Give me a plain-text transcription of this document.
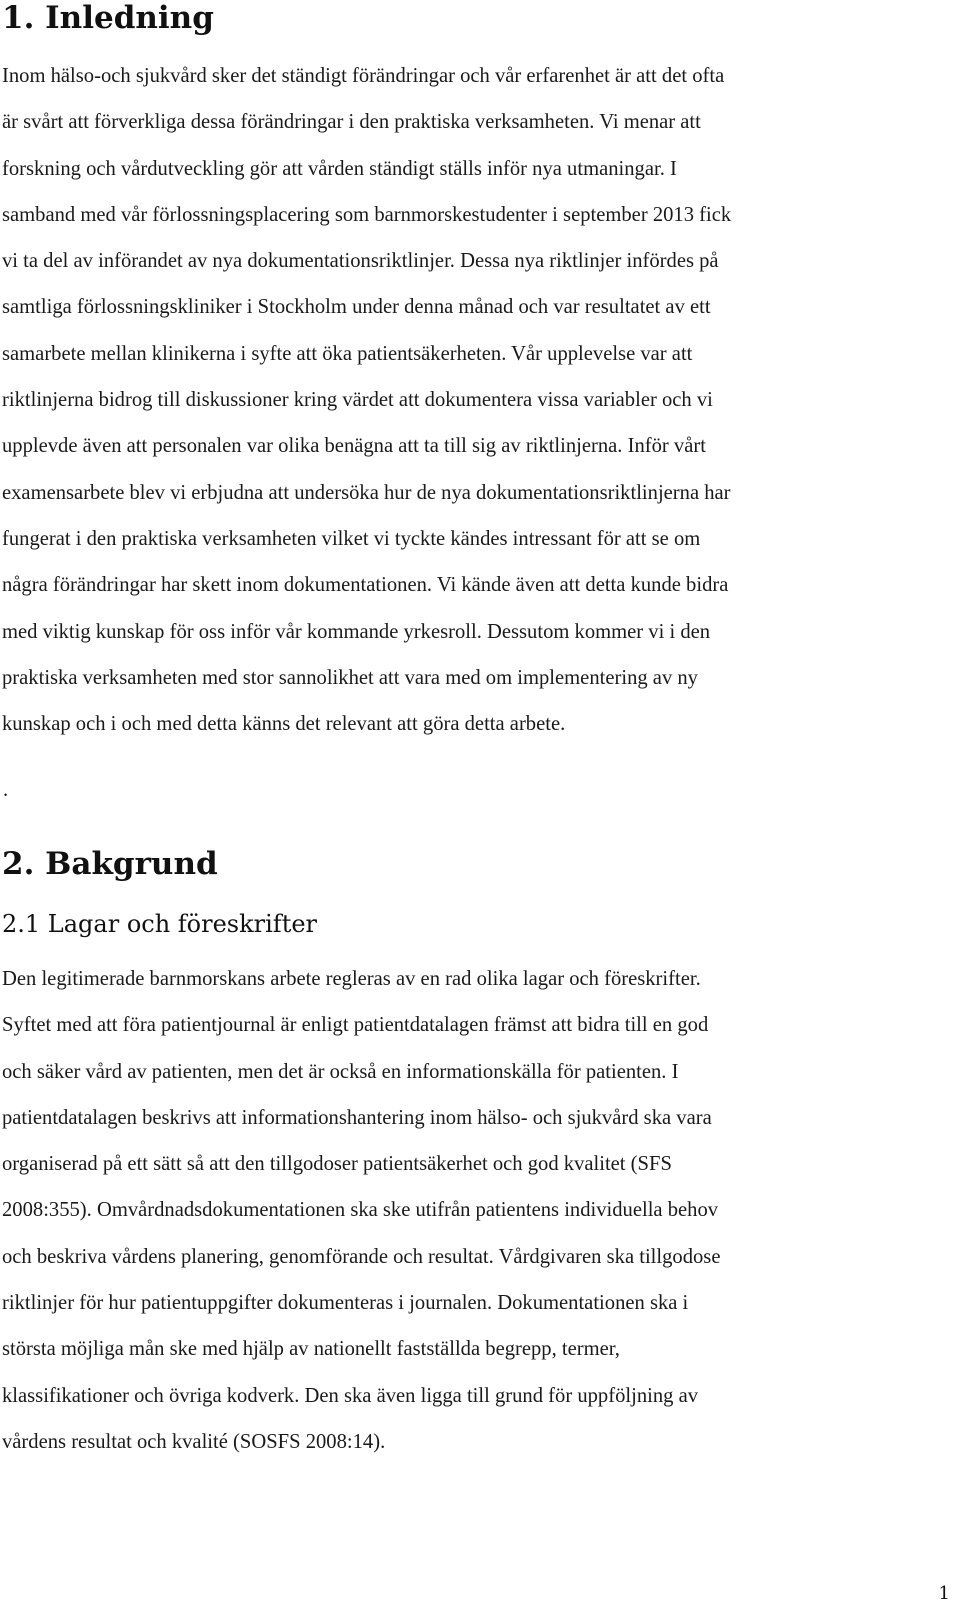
1. Inledning

Inom hälso-och sjukvård sker det ständigt förändringar och vår erfarenhet är att det ofta
är svårt att förverkliga dessa förändringar i den praktiska verksamheten. Vi menar att
forskning och vårdutveckling gör att vården ständigt ställs inför nya utmaningar. I
samband med vår förlossningsplacering som barnmorskestudenter i september 2013 fick
vi ta del av införandet av nya dokumentationsriktlinjer. Dessa nya riktlinjer infördes på
samtliga förlossningskliniker i Stockholm under denna månad och var resultatet av ett
samarbete mellan klinikerna i syfte att öka patientsäkerheten. Vår upplevelse var att
riktlinjerna bidrog till diskussioner kring värdet att dokumentera vissa variabler och vi
upplevde även att personalen var olika benägna att ta till sig av riktlinjerna. Inför vårt
examensarbete blev vi erbjudna att undersöka hur de nya dokumentationsriktlinjerna har
fungerat i den praktiska verksamheten vilket vi tyckte kändes intressant för att se om
några förändringar har skett inom dokumentationen. Vi kände även att detta kunde bidra
med viktig kunskap för oss inför vår kommande yrkesroll. Dessutom kommer vi i den
praktiska verksamheten med stor sannolikhet att vara med om implementering av ny
kunskap och i och med detta känns det relevant att göra detta arbete.

.
2. Bakgrund
2.1 Lagar och föreskrifter

Den legitimerade barnmorskans arbete regleras av en rad olika lagar och föreskrifter.
Syftet med att föra patientjournal är enligt patientdatalagen främst att bidra till en god
och säker vård av patienten, men det är också en informationskälla för patienten. I
patientdatalagen beskrivs att informationshantering inom hälso- och sjukvård ska vara
organiserad på ett sätt så att den tillgodoser patientsäkerhet och god kvalitet (SFS
2008:355). Omvårdnadsdokumentationen ska ske utifrån patientens individuella behov
och beskriva vårdens planering, genomförande och resultat. Vårdgivaren ska tillgodose
riktlinjer för hur patientuppgifter dokumenteras i journalen. Dokumentationen ska i
största möjliga mån ske med hjälp av nationellt fastställda begrepp, termer,
klassifikationer och övriga kodverk. Den ska även ligga till grund för uppföljning av
vårdens resultat och kvalité (SOSFS 2008:14).

1
